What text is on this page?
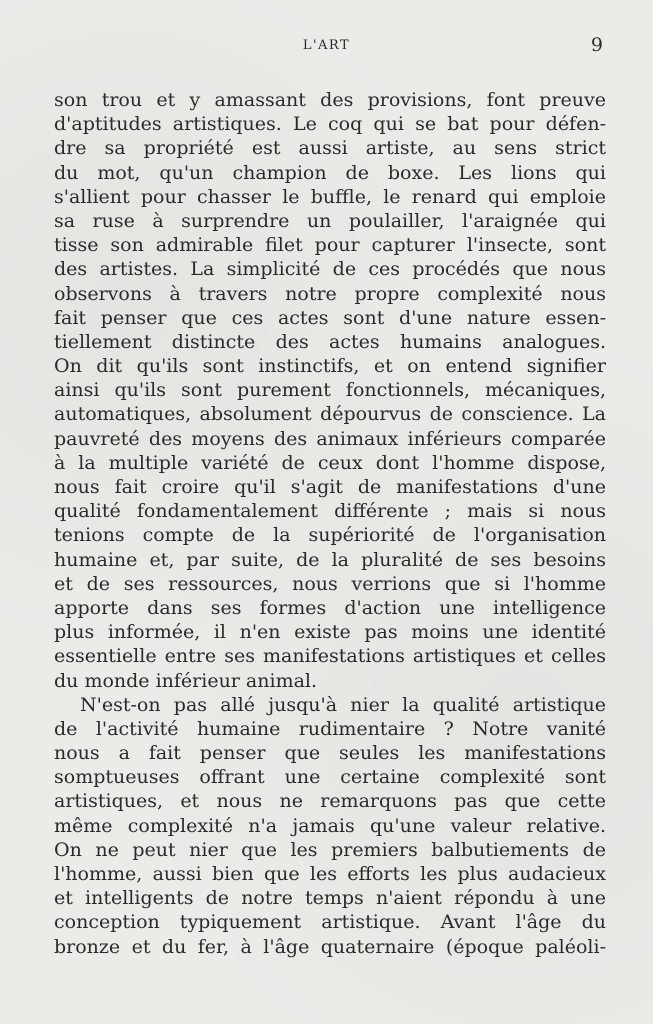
L'ART	9
son trou et y amassant des provisions, font preuve
d'aptitudes artistiques. Le coq qui se bat pour défen-
dre sa propriété est aussi artiste, au sens strict
du mot, qu'un champion de boxe. Les lions qui
s'allient pour chasser le buffle, le renard qui emploie
sa ruse à surprendre un poulailler, l'araignée qui
tisse son admirable filet pour capturer l'insecte, sont
des artistes. La simplicité de ces procédés que nous
observons à travers notre propre complexité nous
fait penser que ces actes sont d'une nature essen-
tiellement distincte des actes humains analogues.
On dit qu'ils sont instinctifs, et on entend signifier
ainsi qu'ils sont purement fonctionnels, mécaniques,
automatiques, absolument dépourvus de conscience. La
pauvreté des moyens des animaux inférieurs comparée
à la multiple variété de ceux dont l'homme dispose,
nous fait croire qu'il s'agit de manifestations d'une
qualité fondamentalement différente ; mais si nous
tenions compte de la supériorité de l'organisation
humaine et, par suite, de la pluralité de ses besoins
et de ses ressources, nous verrions que si l'homme
apporte dans ses formes d'action une intelligence
plus informée, il n'en existe pas moins une identité
essentielle entre ses manifestations artistiques et celles
du monde inférieur animal.
N'est-on pas allé jusqu'à nier la qualité artistique
de l'activité humaine rudimentaire ? Notre vanité
nous a fait penser que seules les manifestations
somptueuses offrant une certaine complexité sont
artistiques, et nous ne remarquons pas que cette
même complexité n'a jamais qu'une valeur relative.
On ne peut nier que les premiers balbutiements de
l'homme, aussi bien que les efforts les plus audacieux
et intelligents de notre temps n'aient répondu à une
conception typiquement artistique. Avant l'âge du
bronze et du fer, à l'âge quaternaire (époque paléoli-
